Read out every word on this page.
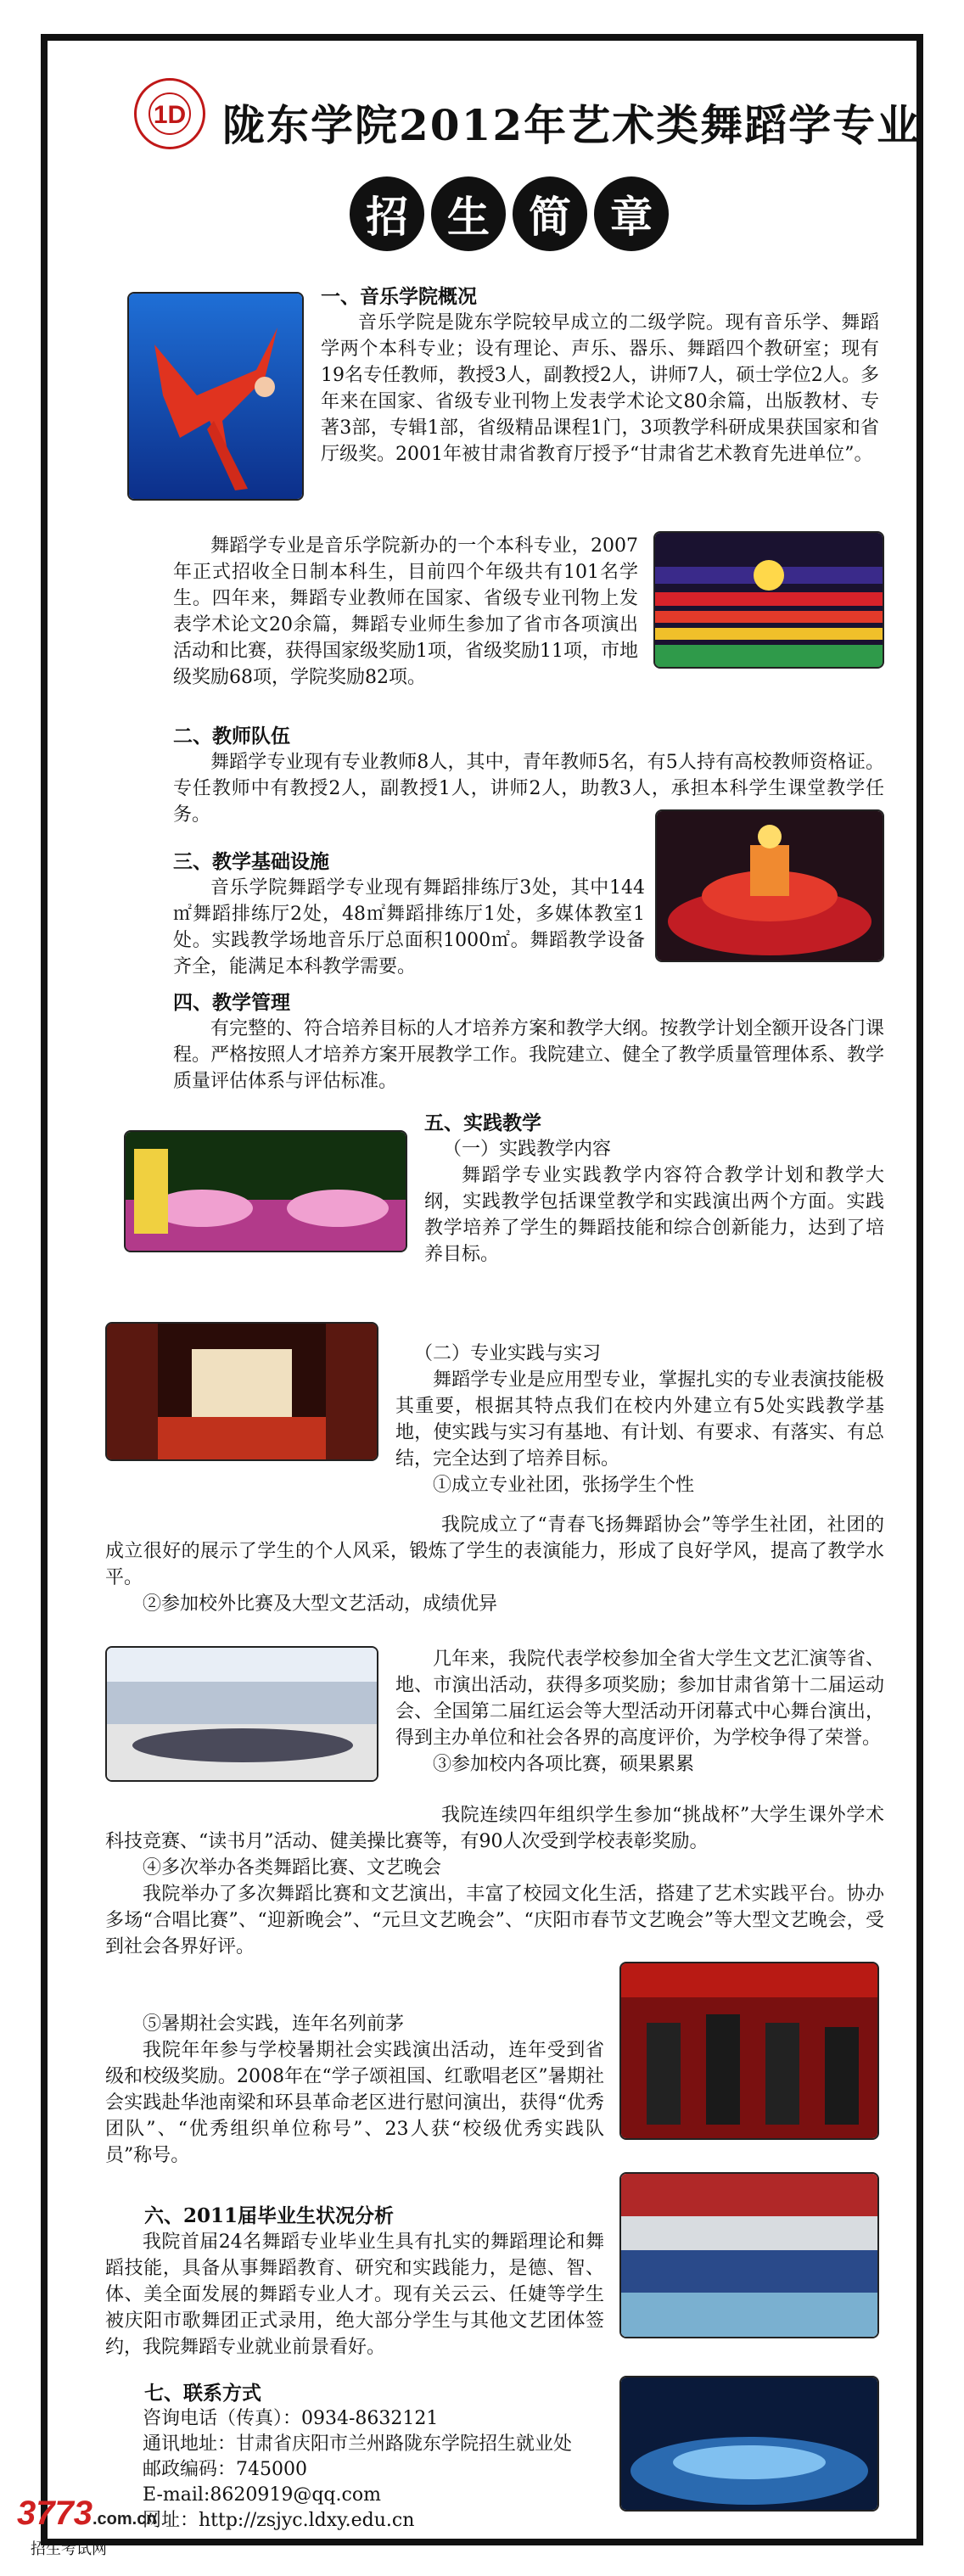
1D 陇东学院2012年艺术类舞蹈学专业
招 生 简 章

一、音乐学院概况

音乐学院是陇东学院较早成立的二级学院。现有音乐学、舞蹈学两个本科专业；设有理论、声乐、器乐、舞蹈四个教研室；现有19名专任教师，教授3人，副教授2人，讲师7人，硕士学位2人。多年来在国家、省级专业刊物上发表学术论文80余篇，出版教材、专著3部，专辑1部，省级精品课程1门，3项教学科研成果获国家和省厅级奖。2001年被甘肃省教育厅授予“甘肃省艺术教育先进单位”。

舞蹈学专业是音乐学院新办的一个本科专业，2007年正式招收全日制本科生，目前四个年级共有101名学生。四年来，舞蹈专业教师在国家、省级专业刊物上发表学术论文20余篇，舞蹈专业师生参加了省市各项演出活动和比赛，获得国家级奖励1项，省级奖励11项，市地级奖励68项，学院奖励82项。

二、教师队伍

舞蹈学专业现有专业教师8人，其中，青年教师5名，有5人持有高校教师资格证。专任教师中有教授2人，副教授1人，讲师2人，助教3人，承担本科学生课堂教学任务。

三、教学基础设施

音乐学院舞蹈学专业现有舞蹈排练厅3处，其中144㎡舞蹈排练厅2处，48㎡舞蹈排练厅1处，多媒体教室1处。实践教学场地音乐厅总面积1000㎡。舞蹈教学设备齐全，能满足本科教学需要。

四、教学管理

有完整的、符合培养目标的人才培养方案和教学大纲。按教学计划全额开设各门课程。严格按照人才培养方案开展教学工作。我院建立、健全了教学质量管理体系、教学质量评估体系与评估标准。

五、实践教学

（一）实践教学内容

舞蹈学专业实践教学内容符合教学计划和教学大纲，实践教学包括课堂教学和实践演出两个方面。实践教学培养了学生的舞蹈技能和综合创新能力，达到了培养目标。

（二）专业实践与实习

舞蹈学专业是应用型专业，掌握扎实的专业表演技能极其重要，根据其特点我们在校内外建立有5处实践教学基地，使实践与实习有基地、有计划、有要求、有落实、有总结，完全达到了培养目标。

①成立专业社团，张扬学生个性

我院成立了“青春飞扬舞蹈协会”等学生社团，社团的成立很好的展示了学生的个人风采，锻炼了学生的表演能力，形成了良好学风，提高了教学水平。

②参加校外比赛及大型文艺活动，成绩优异

几年来，我院代表学校参加全省大学生文艺汇演等省、地、市演出活动，获得多项奖励；参加甘肃省第十二届运动会、全国第二届红运会等大型活动开闭幕式中心舞台演出，得到主办单位和社会各界的高度评价，为学校争得了荣誉。

③参加校内各项比赛，硕果累累

我院连续四年组织学生参加“挑战杯”大学生课外学术科技竞赛、“读书月”活动、健美操比赛等，有90人次受到学校表彰奖励。

④多次举办各类舞蹈比赛、文艺晚会

我院举办了多次舞蹈比赛和文艺演出，丰富了校园文化生活，搭建了艺术实践平台。协办多场“合唱比赛”、“迎新晚会”、“元旦文艺晚会”、“庆阳市春节文艺晚会”等大型文艺晚会，受到社会各界好评。

⑤暑期社会实践，连年名列前茅

我院年年参与学校暑期社会实践演出活动，连年受到省级和校级奖励。2008年在“学子颂祖国、红歌唱老区”暑期社会实践赴华池南梁和环县革命老区进行慰问演出，获得“优秀团队”、“优秀组织单位称号”、23人获“校级优秀实践队员”称号。

六、2011届毕业生状况分析

我院首届24名舞蹈专业毕业生具有扎实的舞蹈理论和舞蹈技能，具备从事舞蹈教育、研究和实践能力，是德、智、体、美全面发展的舞蹈专业人才。现有关云云、任婕等学生被庆阳市歌舞团正式录用，绝大部分学生与其他文艺团体签约，我院舞蹈专业就业前景看好。

七、联系方式

咨询电话（传真）：0934-8632121

通讯地址：甘肃省庆阳市兰州路陇东学院招生就业处

邮政编码：745000

E-mail:8620919@qq.com

网址：http://zsjyc.ldxy.edu.cn

3773.com.cn
招生考试网
